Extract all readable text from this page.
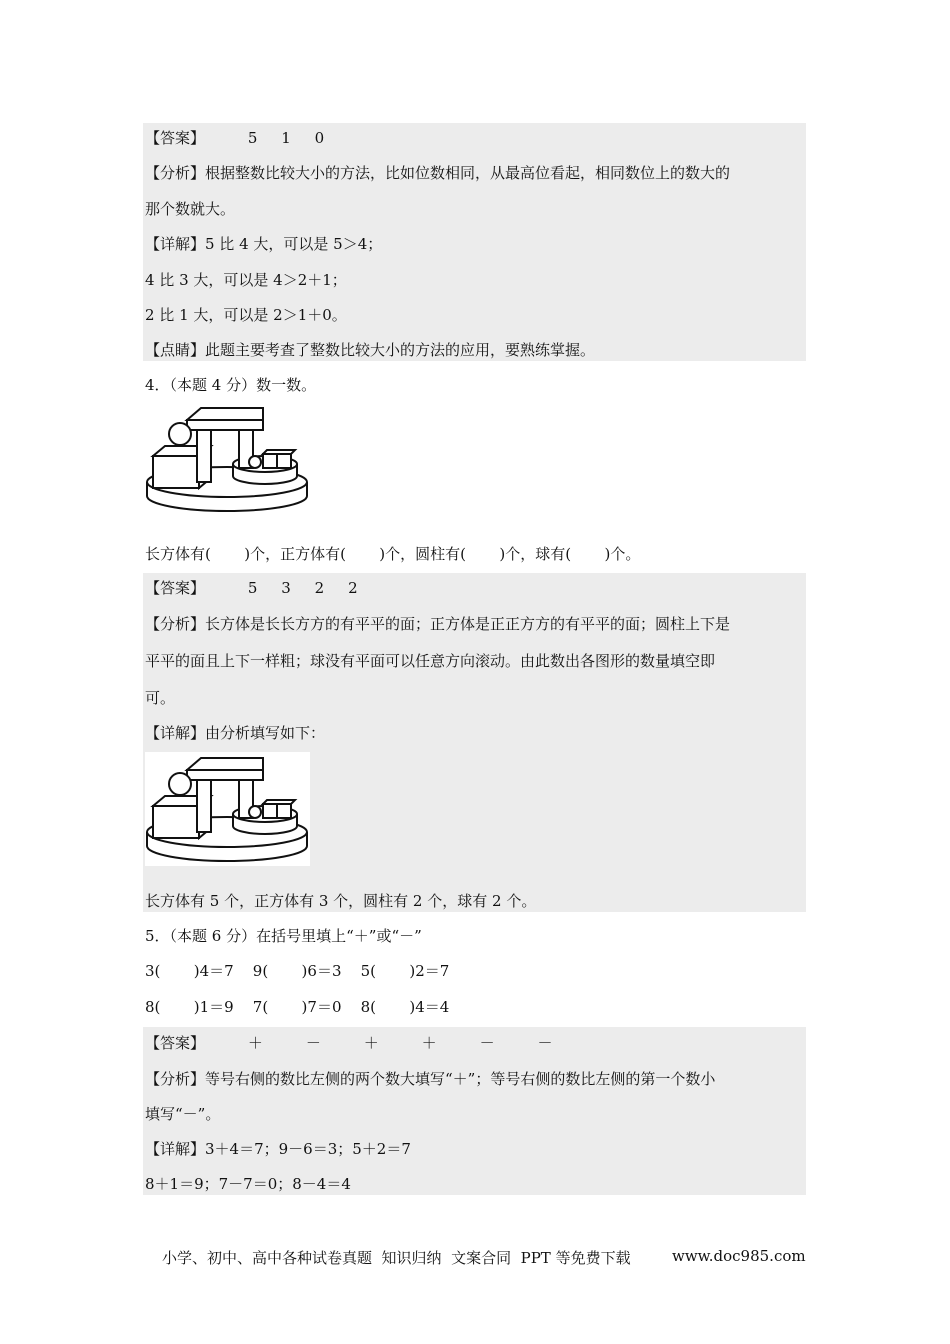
【答案】         5     1     0
【分析】根据整数比较大小的方法，比如位数相同，从最高位看起，相同数位上的数大的
那个数就大。
【详解】5 比 4 大，可以是 5＞4；
4 比 3 大，可以是 4＞2＋1；
2 比 1 大，可以是 2＞1＋0。
【点睛】此题主要考查了整数比较大小的方法的应用，要熟练掌握。
4．（本题 4 分）数一数。
长方体有(       )个，正方体有(       )个，圆柱有(       )个，球有(       )个。
【答案】         5     3     2     2
【分析】长方体是长长方方的有平平的面；正方体是正正方方的有平平的面；圆柱上下是
平平的面且上下一样粗；球没有平面可以任意方向滚动。由此数出各图形的数量填空即
可。
【详解】由分析填写如下：
长方体有 5 个，正方体有 3 个，圆柱有 2 个，球有 2 个。
5．（本题 6 分）在括号里填上“＋”或“－”
3(       )4＝7    9(       )6＝3    5(       )2＝7
8(       )1＝9    7(       )7＝0    8(       )4＝4
【答案】         ＋         －         ＋         ＋         －         －
【分析】等号右侧的数比左侧的两个数大填写“＋”；等号右侧的数比左侧的第一个数小
填写“－”。
【详解】3＋4＝7；9－6＝3；5＋2＝7
8＋1＝9；7－7＝0；8－4＝4
小学、初中、高中各种试卷真题  知识归纳  文案合同  PPT 等免费下载	www.doc985.com
